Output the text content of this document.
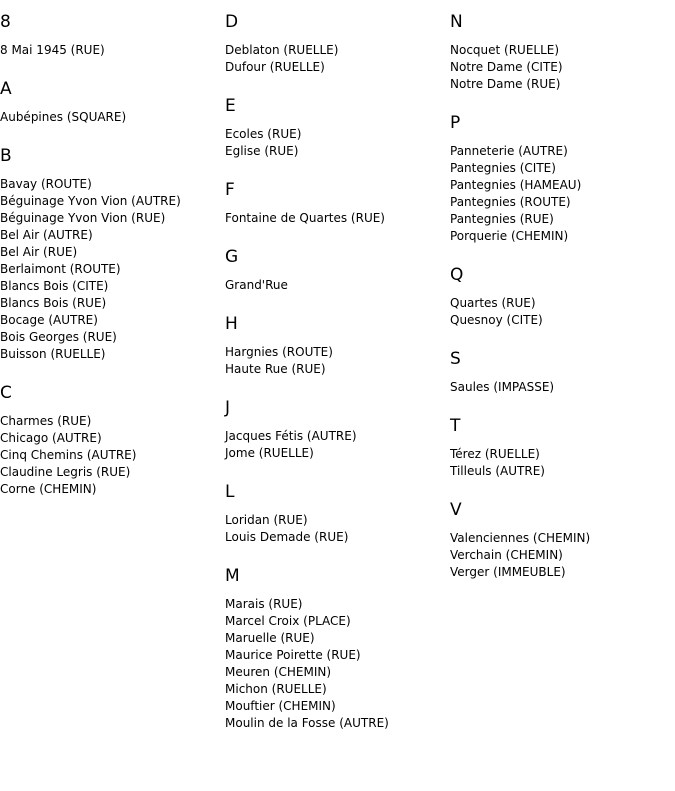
8
8 Mai 1945 (RUE)
A
Aubépines (SQUARE)
B
Bavay (ROUTE)
Béguinage Yvon Vion (AUTRE)
Béguinage Yvon Vion (RUE)
Bel Air (AUTRE)
Bel Air (RUE)
Berlaimont (ROUTE)
Blancs Bois (CITE)
Blancs Bois (RUE)
Bocage (AUTRE)
Bois Georges (RUE)
Buisson (RUELLE)
C
Charmes (RUE)
Chicago (AUTRE)
Cinq Chemins (AUTRE)
Claudine Legris (RUE)
Corne (CHEMIN)
D
Deblaton (RUELLE)
Dufour (RUELLE)
E
Ecoles (RUE)
Eglise (RUE)
F
Fontaine de Quartes (RUE)
G
Grand'Rue
H
Hargnies (ROUTE)
Haute Rue (RUE)
J
Jacques Fétis (AUTRE)
Jome (RUELLE)
L
Loridan (RUE)
Louis Demade (RUE)
M
Marais (RUE)
Marcel Croix (PLACE)
Maruelle (RUE)
Maurice Poirette (RUE)
Meuren (CHEMIN)
Michon (RUELLE)
Mouftier (CHEMIN)
Moulin de la Fosse (AUTRE)
N
Nocquet (RUELLE)
Notre Dame (CITE)
Notre Dame (RUE)
P
Panneterie (AUTRE)
Pantegnies (CITE)
Pantegnies (HAMEAU)
Pantegnies (ROUTE)
Pantegnies (RUE)
Porquerie (CHEMIN)
Q
Quartes (RUE)
Quesnoy (CITE)
S
Saules (IMPASSE)
T
Térez (RUELLE)
Tilleuls (AUTRE)
V
Valenciennes (CHEMIN)
Verchain (CHEMIN)
Verger (IMMEUBLE)
